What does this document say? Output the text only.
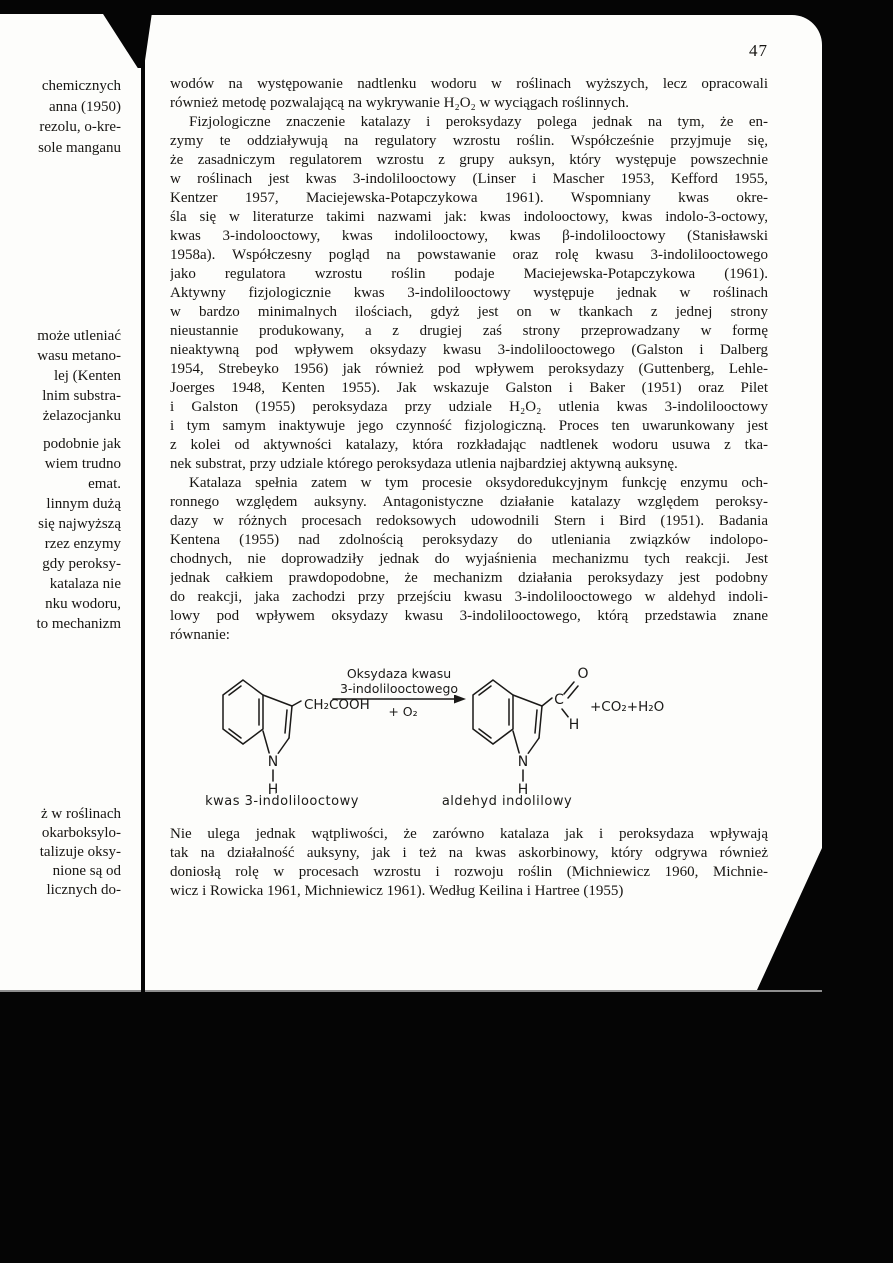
chemicznych
anna (1950)
rezolu, o-kre-
sole manganu
może utleniać
wasu metano-
lej (Kenten
lnim substra-
żelazocjanku
podobnie jak
wiem trudno
emat.
linnym dużą
się najwyższą
rzez enzymy
gdy peroksy-
katalaza nie
nku wodoru,
to mechanizm
ż w roślinach
okarboksylo-
talizuje oksy-
nione są od
licznych do-
47
wodów na występowanie nadtlenku wodoru w roślinach wyższych, lecz opracowali
również metodę pozwalającą na wykrywanie H₂O₂ w wyciągach roślinnych.
Fizjologiczne znaczenie katalazy i peroksydazy polega jednak na tym, że en-
zymy te oddziaływują na regulatory wzrostu roślin. Współcześnie przyjmuje się,
że zasadniczym regulatorem wzrostu z grupy auksyn, który występuje powszechnie
w roślinach jest kwas 3-indolilooctowy (Linser i Mascher 1953, Kefford 1955,
Kentzer 1957, Maciejewska-Potapczykowa 1961). Wspomniany kwas okre-
śla się w literaturze takimi nazwami jak: kwas indolooctowy, kwas indolo-3-octowy,
kwas 3-indolooctowy, kwas indolilooctowy, kwas β-indolilooctowy (Stanisławski
1958a). Współczesny pogląd na powstawanie oraz rolę kwasu 3-indolilooctowego
jako regulatora wzrostu roślin podaje Maciejewska-Potapczykowa (1961).
Aktywny fizjologicznie kwas 3-indolilooctowy występuje jednak w roślinach
w bardzo minimalnych ilościach, gdyż jest on w tkankach z jednej strony
nieustannie produkowany, a z drugiej zaś strony przeprowadzany w formę
nieaktywną pod wpływem oksydazy kwasu 3-indolilooctowego (Galston i Dalberg
1954, Strebeyko 1956) jak również pod wpływem peroksydazy (Guttenberg, Lehle-
Joerges 1948, Kenten 1955). Jak wskazuje Galston i Baker (1951) oraz Pilet
i Galston (1955) peroksydaza przy udziale H₂O₂ utlenia kwas 3-indolilooctowy
i tym samym inaktywuje jego czynność fizjologiczną. Proces ten uwarunkowany jest
z kolei od aktywności katalazy, która rozkładając nadtlenek wodoru usuwa z tka-
nek substrat, przy udziale którego peroksydaza utlenia najbardziej aktywną auksynę.
Katalaza spełnia zatem w tym procesie oksydoredukcyjnym funkcję enzymu och-
ronnego względem auksyny. Antagonistyczne działanie katalazy względem peroksy-
dazy w różnych procesach redoksowych udowodnili Stern i Bird (1951). Badania
Kentena (1955) nad zdolnością peroksydazy do utleniania związków indolopo-
chodnych, nie doprowadziły jednak do wyjaśnienia mechanizmu tych reakcji. Jest
jednak całkiem prawdopodobne, że mechanizm działania peroksydazy jest podobny
do reakcji, jaka zachodzi przy przejściu kwasu 3-indolilooctowego w aldehyd indoli-
lowy pod wpływem oksydazy kwasu 3-indolilooctowego, którą przedstawia znane
równanie:
N
H
CH₂COOH
Oksydaza kwasu
3-indolilooctowego
+ O₂
N
H
C
O
H
+CO₂+H₂O
kwas 3-indolilooctowy	aldehyd indolilowy
Nie ulega jednak wątpliwości, że zarówno katalaza jak i peroksydaza wpływają
tak na działalność auksyny, jak i też na kwas askorbinowy, który odgrywa również
doniosłą rolę w procesach wzrostu i rozwoju roślin (Michniewicz 1960, Michnie-
wicz i Rowicka 1961, Michniewicz 1961). Według Keilina i Hartree (1955)
